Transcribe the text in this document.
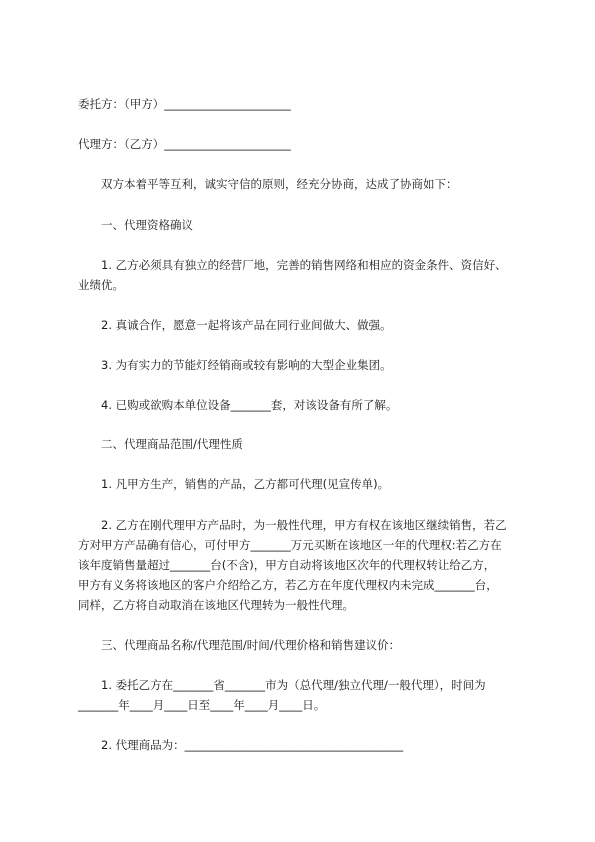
委托方：（甲方）______________________
代理方：（乙方）______________________
双方本着平等互利，诚实守信的原则，经充分协商，达成了协商如下：
一、代理资格确议
1. 乙方必须具有独立的经营厂地，完善的销售网络和相应的资金条件、资信好、
业绩优。
2. 真诚合作，愿意一起将该产品在同行业间做大、做强。
3. 为有实力的节能灯经销商或较有影响的大型企业集团。
4. 已购或欲购本单位设备_______套，对该设备有所了解。
二、代理商品范围/代理性质
1. 凡甲方生产，销售的产品，乙方都可代理(见宣传单)。
2. 乙方在刚代理甲方产品时，为一般性代理，甲方有权在该地区继续销售，若乙
方对甲方产品确有信心，可付甲方_______万元买断在该地区一年的代理权:若乙方在
该年度销售量超过_______台(不含)，甲方自动将该地区次年的代理权转让给乙方，
甲方有义务将该地区的客户介绍给乙方，若乙方在年度代理权内未完成_______台，
同样，乙方将自动取消在该地区代理转为一般性代理。
三、代理商品名称/代理范围/时间/代理价格和销售建议价：
1. 委托乙方在_______省_______市为（总代理/独立代理/一般代理），时间为
_______年____月____日至____年____月____日。
2. 代理商品为：______________________________________
